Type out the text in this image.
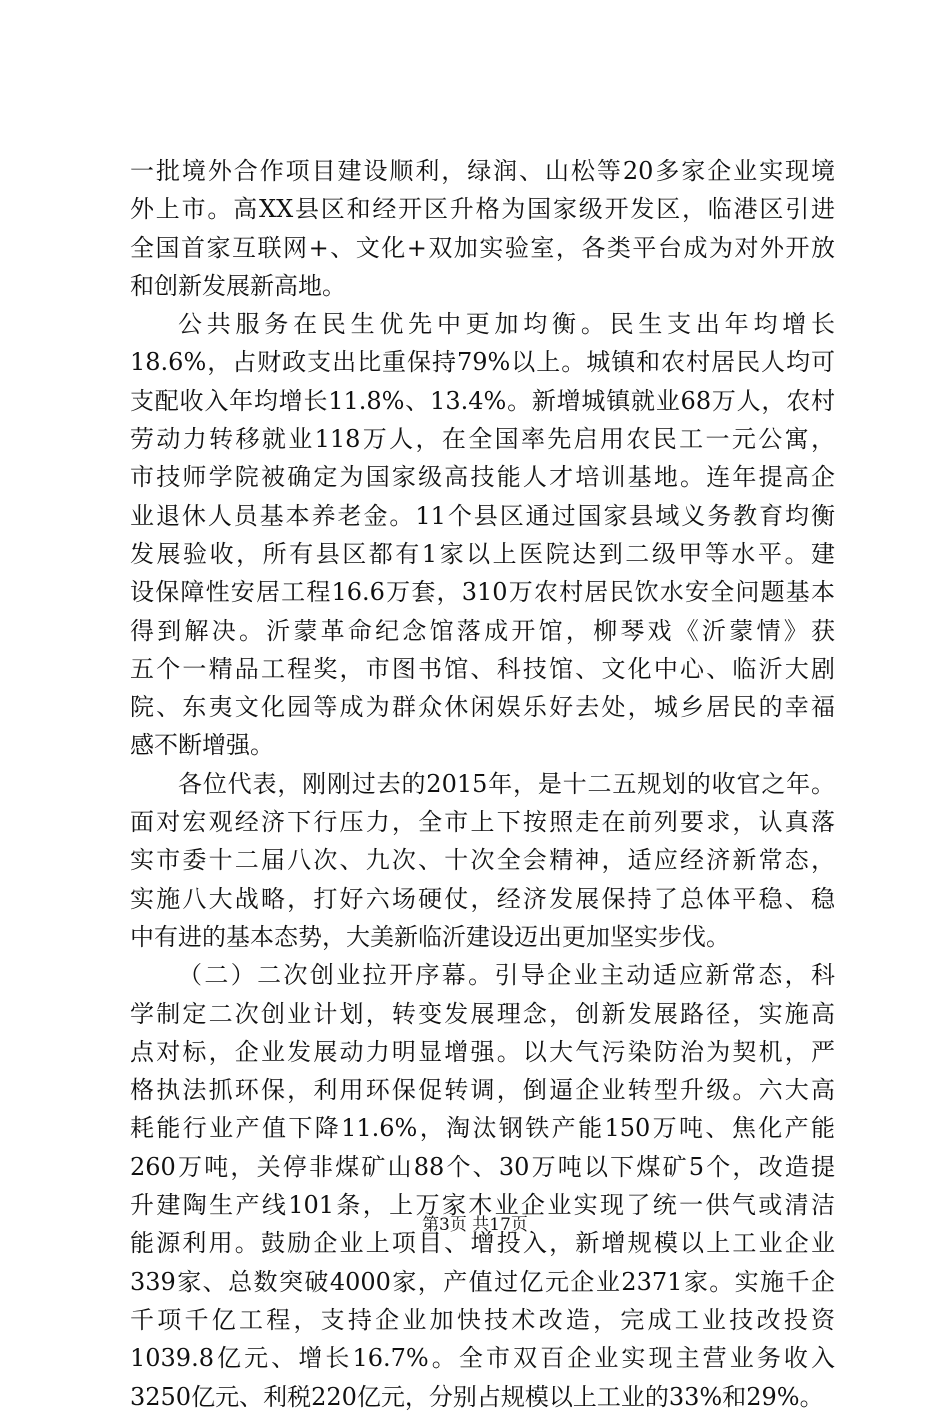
一批境外合作项目建设顺利，绿润、山松等20多家企业实现境
外上市。高XX县区和经开区升格为国家级开发区，临港区引进
全国首家互联网+、文化+双加实验室，各类平台成为对外开放
和创新发展新高地。
公共服务在民生优先中更加均衡。民生支出年均增长
18.6%，占财政支出比重保持79%以上。城镇和农村居民人均可
支配收入年均增长11.8%、13.4%。新增城镇就业68万人，农村
劳动力转移就业118万人，在全国率先启用农民工一元公寓，
市技师学院被确定为国家级高技能人才培训基地。连年提高企
业退休人员基本养老金。11个县区通过国家县域义务教育均衡
发展验收，所有县区都有1家以上医院达到二级甲等水平。建
设保障性安居工程16.6万套，310万农村居民饮水安全问题基本
得到解决。沂蒙革命纪念馆落成开馆，柳琴戏《沂蒙情》获
五个一精品工程奖，市图书馆、科技馆、文化中心、临沂大剧
院、东夷文化园等成为群众休闲娱乐好去处，城乡居民的幸福
感不断增强。
各位代表，刚刚过去的2015年，是十二五规划的收官之年。
面对宏观经济下行压力，全市上下按照走在前列要求，认真落
实市委十二届八次、九次、十次全会精神，适应经济新常态，
实施八大战略，打好六场硬仗，经济发展保持了总体平稳、稳
中有进的基本态势，大美新临沂建设迈出更加坚实步伐。
（二）二次创业拉开序幕。引导企业主动适应新常态，科
学制定二次创业计划，转变发展理念，创新发展路径，实施高
点对标，企业发展动力明显增强。以大气污染防治为契机，严
格执法抓环保，利用环保促转调，倒逼企业转型升级。六大高
耗能行业产值下降11.6%，淘汰钢铁产能150万吨、焦化产能
260万吨，关停非煤矿山88个、30万吨以下煤矿5个，改造提
升建陶生产线101条，上万家木业企业实现了统一供气或清洁
能源利用。鼓励企业上项目、增投入，新增规模以上工业企业
339家、总数突破4000家，产值过亿元企业2371家。实施千企
千项千亿工程，支持企业加快技术改造，完成工业技改投资
1039.8亿元、增长16.7%。全市双百企业实现主营业务收入
3250亿元、利税220亿元，分别占规模以上工业的33%和29%。
第3页 共17页
